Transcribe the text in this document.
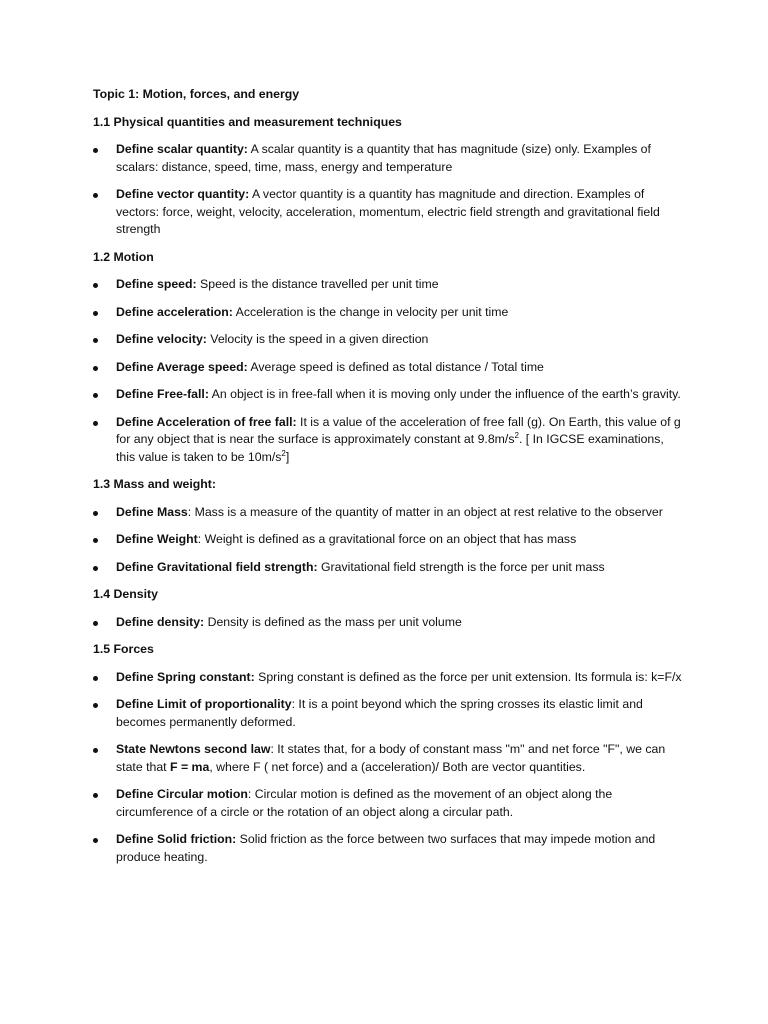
Topic 1: Motion, forces, and energy

1.1 Physical quantities and measurement techniques

Define scalar quantity: A scalar quantity is a quantity that has magnitude (size) only. Examples of scalars: distance, speed, time, mass, energy and temperature
Define vector quantity: A vector quantity is a quantity has magnitude and direction. Examples of vectors: force, weight, velocity, acceleration, momentum, electric field strength and gravitational field strength

1.2 Motion

Define speed: Speed is the distance travelled per unit time
Define acceleration: Acceleration is the change in velocity per unit time
Define velocity: Velocity is the speed in a given direction
Define Average speed: Average speed is defined as total distance / Total time
Define Free-fall: An object is in free-fall when it is moving only under the influence of the earth’s gravity.
Define Acceleration of free fall: It is a value of the acceleration of free fall (g). On Earth, this value of g for any object that is near the surface is approximately constant at $9.8m/s^2$. [ In IGCSE examinations, this value is taken to be $10m/s^2$]

1.3 Mass and weight:

Define Mass: Mass is a measure of the quantity of matter in an object at rest relative to the observer
Define Weight: Weight is defined as a gravitational force on an object that has mass
Define Gravitational field strength: Gravitational field strength is the force per unit mass

1.4 Density

Define density: Density is defined as the mass per unit volume

1.5 Forces

Define Spring constant: Spring constant is defined as the force per unit extension. Its formula is: k=F/x
Define Limit of proportionality: It is a point beyond which the spring crosses its elastic limit and becomes permanently deformed.
State Newtons second law: It states that, for a body of constant mass "m" and net force "F", we can state that F = ma, where F ( net force) and a (acceleration)/ Both are vector quantities.
Define Circular motion: Circular motion is defined as the movement of an object along the circumference of a circle or the rotation of an object along a circular path.
Define Solid friction: Solid friction as the force between two surfaces that may impede motion and produce heating.
